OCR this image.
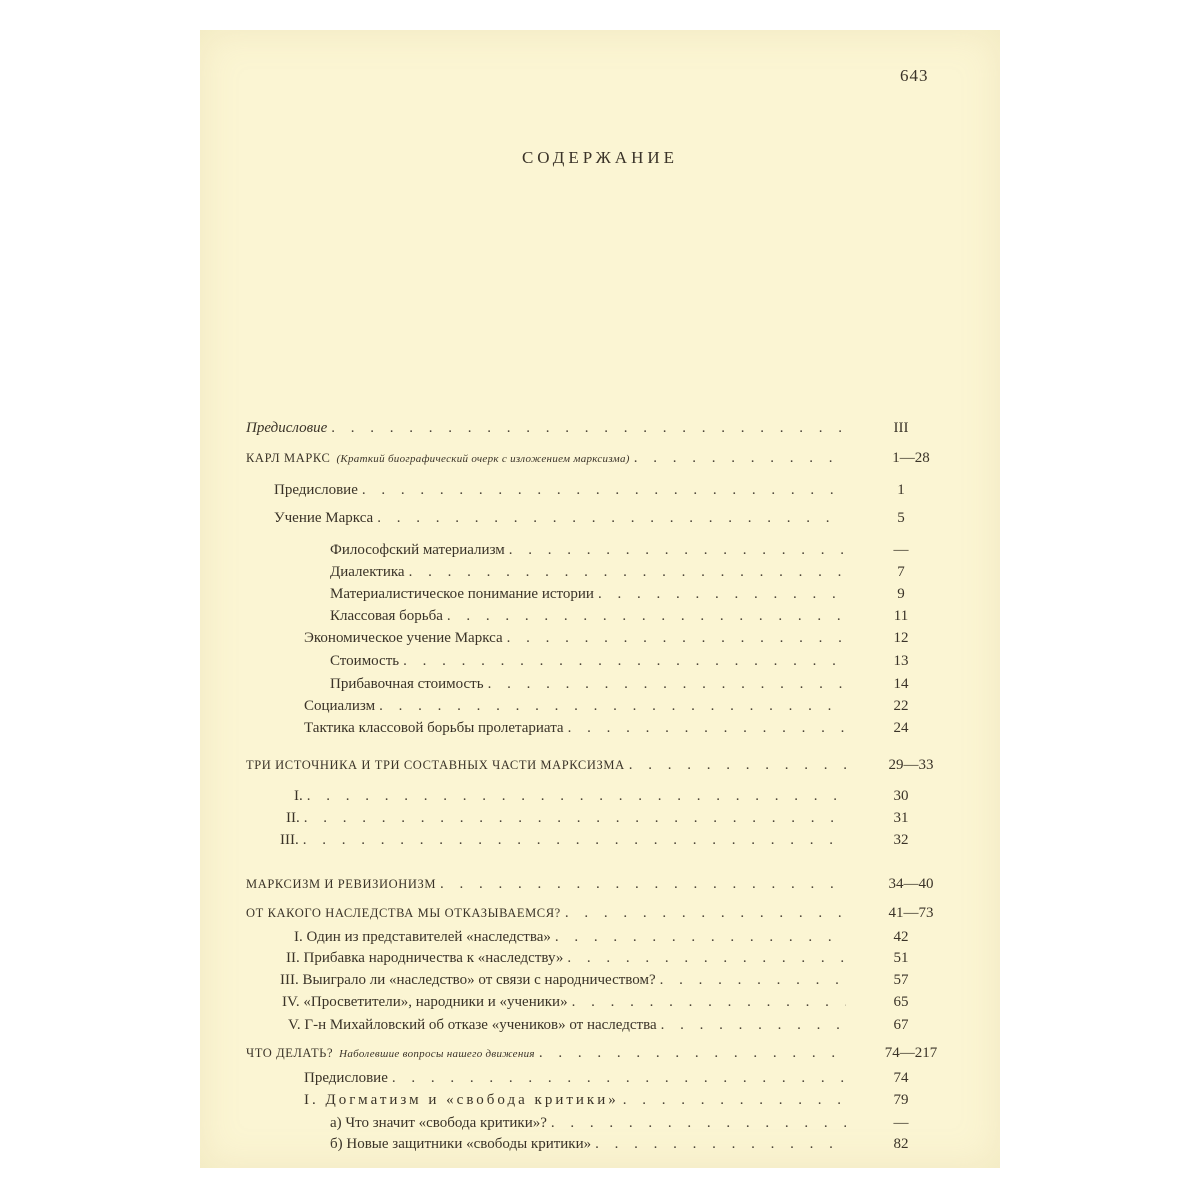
643
СОДЕРЖАНИЕ
Предисловие . . .	III
КАРЛ МАРКС (Краткий биографический очерк с изложением марксизма) . . .	1—28
Предисловие . . .	1
Учение Маркса . . .	5
Философский материализм . . .	—
Диалектика . . .	7
Материалистическое понимание истории . . .	9
Классовая борьба . . .	11
Экономическое учение Маркса . . .	12
Стоимость . . .	13
Прибавочная стоимость . . .	14
Социализм . . .	22
Тактика классовой борьбы пролетариата . . .	24
ТРИ ИСТОЧНИКА И ТРИ СОСТАВНЫХ ЧАСТИ МАРКСИЗМА . . .	29—33
I. . . .	30
II. . . .	31
III. . . .	32
МАРКСИЗМ И РЕВИЗИОНИЗМ . . .	34—40
ОТ КАКОГО НАСЛЕДСТВА МЫ ОТКАЗЫВАЕМСЯ? . . .	41—73
I. Один из представителей «наследства» . . .	42
II. Прибавка народничества к «наследству» . . .	51
III. Выиграло ли «наследство» от связи с народничеством? . . .	57
IV. «Просветители», народники и «ученики» . . .	65
V. Г-н Михайловский об отказе «учеников» от наследства . . .	67
ЧТО ДЕЛАТЬ? Наболевшие вопросы нашего движения . . .	74—217
Предисловие . . .	74
I. Догматизм и «свобода критики» . . .	79
а) Что значит «свобода критики»? . . .	—
б) Новые защитники «свободы критики» . . .	82
